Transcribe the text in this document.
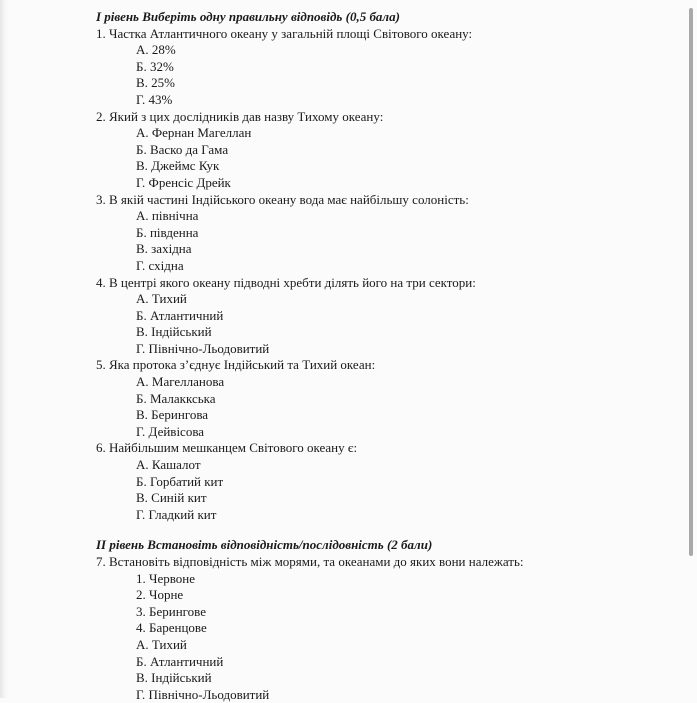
І рівень Виберіть одну правильну відповідь (0,5 бала)
1. Частка Атлантичного океану у загальній площі Світового океану:
А. 28%
Б. 32%
В. 25%
Г. 43%
2. Який з цих дослідників дав назву Тихому океану:
А. Фернан Магеллан
Б. Васко да Гама
В. Джеймс Кук
Г. Френсіс Дрейк
3. В якій частині Індійського океану вода має найбільшу солоність:
А. північна
Б. південна
В. західна
Г. східна
4. В центрі якого океану підводні хребти ділять його на три сектори:
А. Тихий
Б. Атлантичний
В. Індійський
Г. Північно-Льодовитий
5. Яка протока з’єднує Індійський та Тихий океан:
А. Магелланова
Б. Малаккська
В. Берингова
Г. Дейвісова
6. Найбільшим мешканцем Світового океану є:
А. Кашалот
Б. Горбатий кит
В. Синій кит
Г. Гладкий кит
ІІ рівень Встановіть відповідність/послідовність (2 бали)
7. Встановіть відповідність між морями, та океанами до яких вони належать:
1. Червоне
2. Чорне
3. Берингове
4. Баренцове
А. Тихий
Б. Атлантичний
В. Індійський
Г. Північно-Льодовитий
